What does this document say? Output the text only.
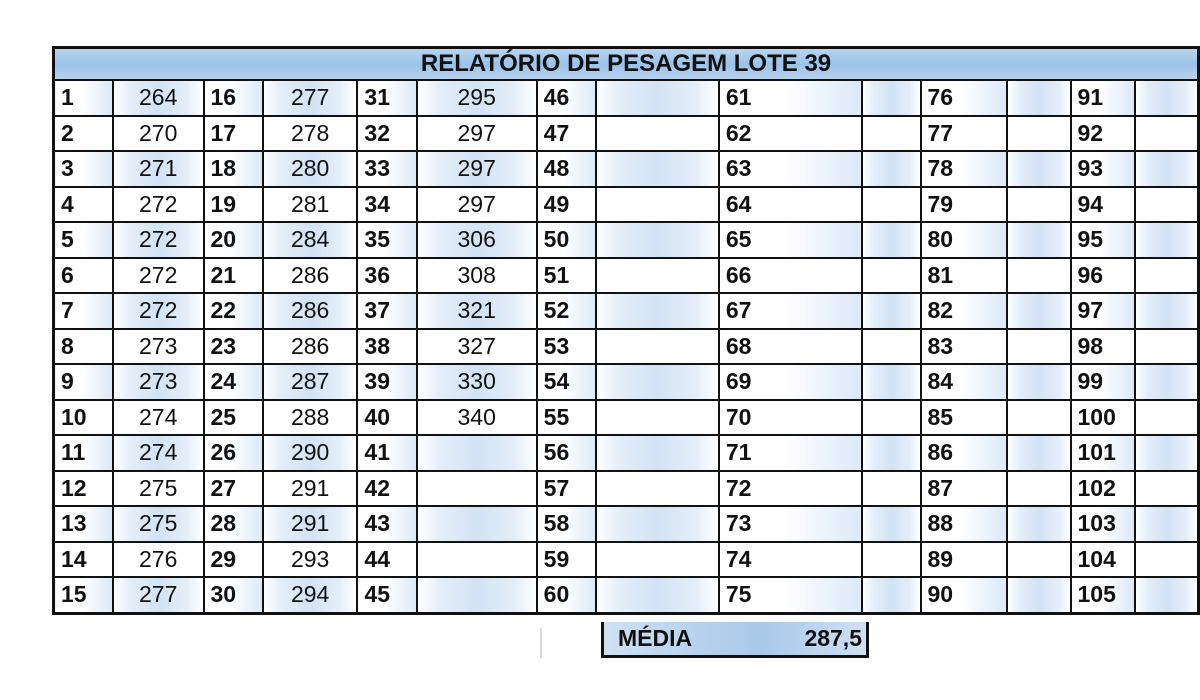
RELATÓRIO DE PESAGEM LOTE 39													
1	264	16	277	31	295	46		61		76		91	
2	270	17	278	32	297	47		62		77		92	
3	271	18	280	33	297	48		63		78		93	
4	272	19	281	34	297	49		64		79		94	
5	272	20	284	35	306	50		65		80		95	
6	272	21	286	36	308	51		66		81		96	
7	272	22	286	37	321	52		67		82		97	
8	273	23	286	38	327	53		68		83		98	
9	273	24	287	39	330	54		69		84		99	
10	274	25	288	40	340	55		70		85		100	
11	274	26	290	41		56		71		86		101	
12	275	27	291	42		57		72		87		102	
13	275	28	291	43		58		73		88		103	
14	276	29	293	44		59		74		89		104	
15	277	30	294	45		60		75		90		105	
MÉDIA	287,5
